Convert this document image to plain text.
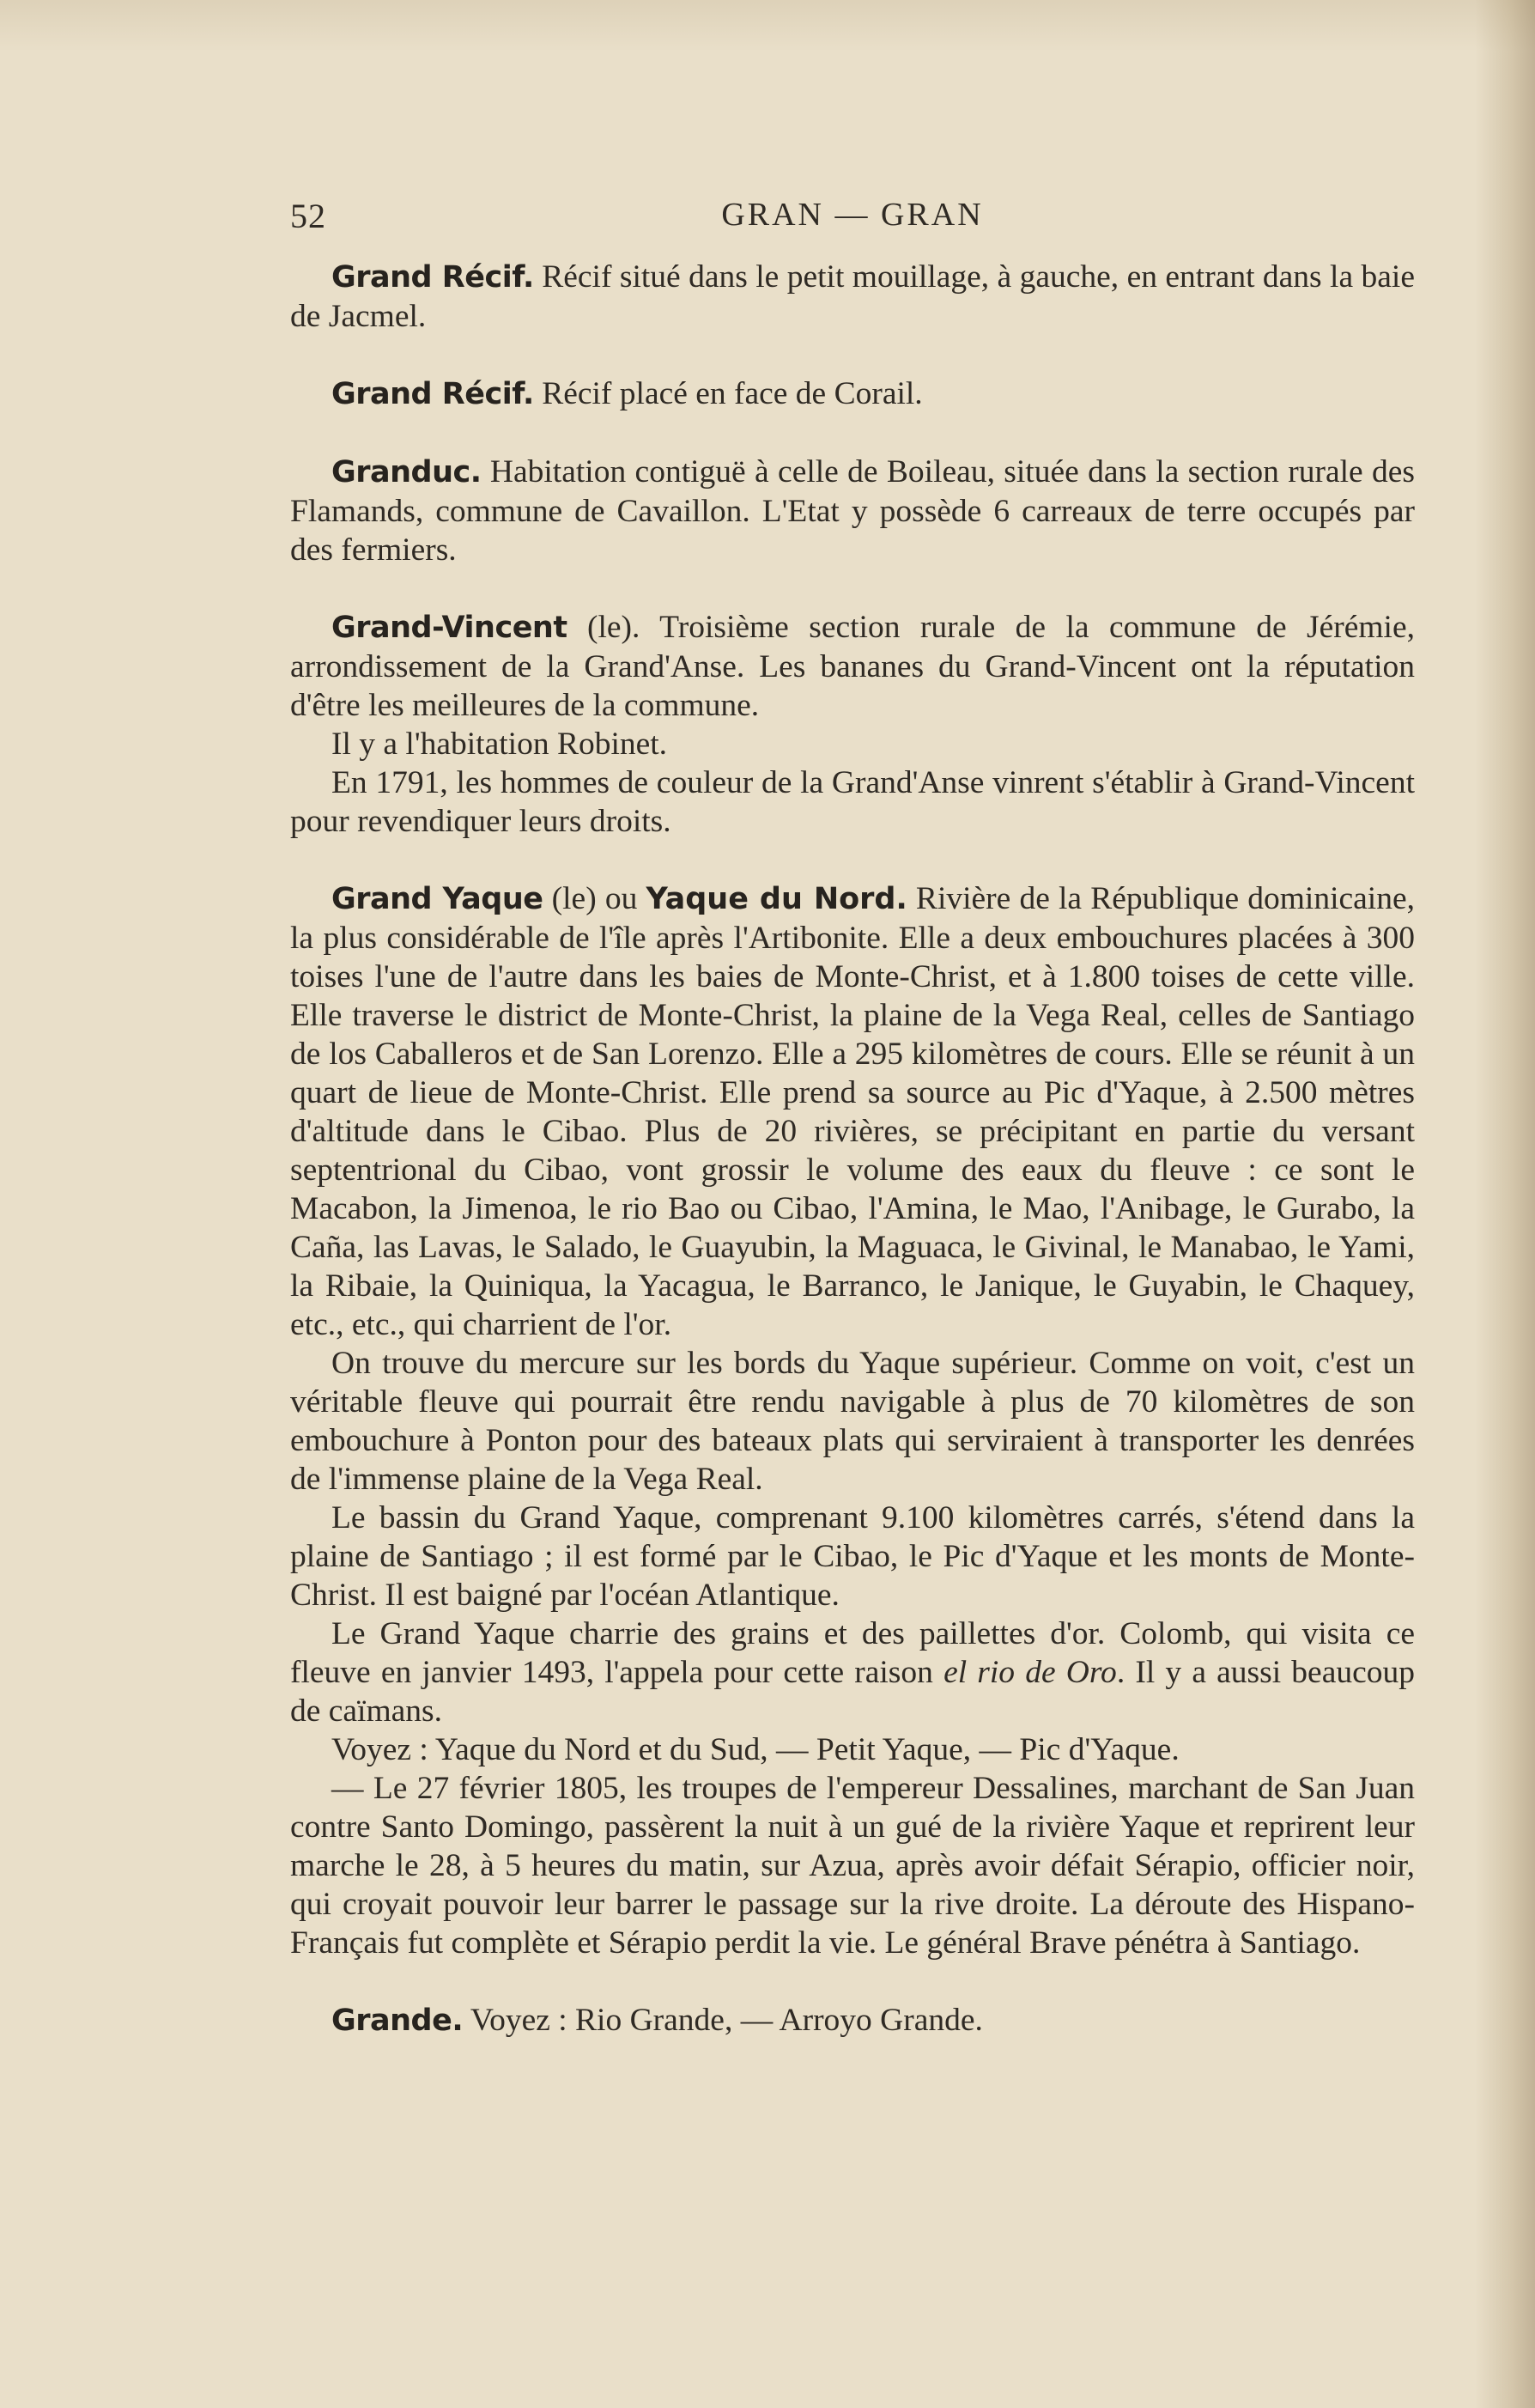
52	GRAN — GRAN

Grand Récif. Récif situé dans le petit mouillage, à gauche, en entrant dans la baie de Jacmel.

Grand Récif. Récif placé en face de Corail.

Granduc. Habitation contiguë à celle de Boileau, située dans la section rurale des Flamands, commune de Cavaillon. L'Etat y possède 6 carreaux de terre occupés par des fermiers.

Grand-Vincent (le). Troisième section rurale de la commune de Jérémie, arrondissement de la Grand'Anse. Les bananes du Grand-Vincent ont la réputation d'être les meilleures de la commune.

Il y a l'habitation Robinet.

En 1791, les hommes de couleur de la Grand'Anse vinrent s'établir à Grand-Vincent pour revendiquer leurs droits.

Grand Yaque (le) ou Yaque du Nord. Rivière de la République dominicaine, la plus considérable de l'île après l'Artibonite. Elle a deux embouchures placées à 300 toises l'une de l'autre dans les baies de Monte-Christ, et à 1.800 toises de cette ville. Elle traverse le district de Monte-Christ, la plaine de la Vega Real, celles de Santiago de los Caballeros et de San Lorenzo. Elle a 295 kilomètres de cours. Elle se réunit à un quart de lieue de Monte-Christ. Elle prend sa source au Pic d'Yaque, à 2.500 mètres d'altitude dans le Cibao. Plus de 20 rivières, se précipitant en partie du versant septentrional du Cibao, vont grossir le volume des eaux du fleuve : ce sont le Macabon, la Jimenoa, le rio Bao ou Cibao, l'Amina, le Mao, l'Anibage, le Gurabo, la Caña, las Lavas, le Salado, le Guayubin, la Maguaca, le Givinal, le Manabao, le Yami, la Ribaie, la Quiniqua, la Yacagua, le Barranco, le Janique, le Guyabin, le Chaquey, etc., etc., qui charrient de l'or.

On trouve du mercure sur les bords du Yaque supérieur. Comme on voit, c'est un véritable fleuve qui pourrait être rendu navigable à plus de 70 kilomètres de son embouchure à Ponton pour des bateaux plats qui serviraient à transporter les denrées de l'immense plaine de la Vega Real.

Le bassin du Grand Yaque, comprenant 9.100 kilomètres carrés, s'étend dans la plaine de Santiago ; il est formé par le Cibao, le Pic d'Yaque et les monts de Monte-Christ. Il est baigné par l'océan Atlantique.

Le Grand Yaque charrie des grains et des paillettes d'or. Colomb, qui visita ce fleuve en janvier 1493, l'appela pour cette raison el rio de Oro. Il y a aussi beaucoup de caïmans.

Voyez : Yaque du Nord et du Sud, — Petit Yaque, — Pic d'Yaque.

— Le 27 février 1805, les troupes de l'empereur Dessalines, marchant de San Juan contre Santo Domingo, passèrent la nuit à un gué de la rivière Yaque et reprirent leur marche le 28, à 5 heures du matin, sur Azua, après avoir défait Sérapio, officier noir, qui croyait pouvoir leur barrer le passage sur la rive droite. La déroute des Hispano-Français fut complète et Sérapio perdit la vie. Le général Brave pénétra à Santiago.

Grande. Voyez : Rio Grande, — Arroyo Grande.
